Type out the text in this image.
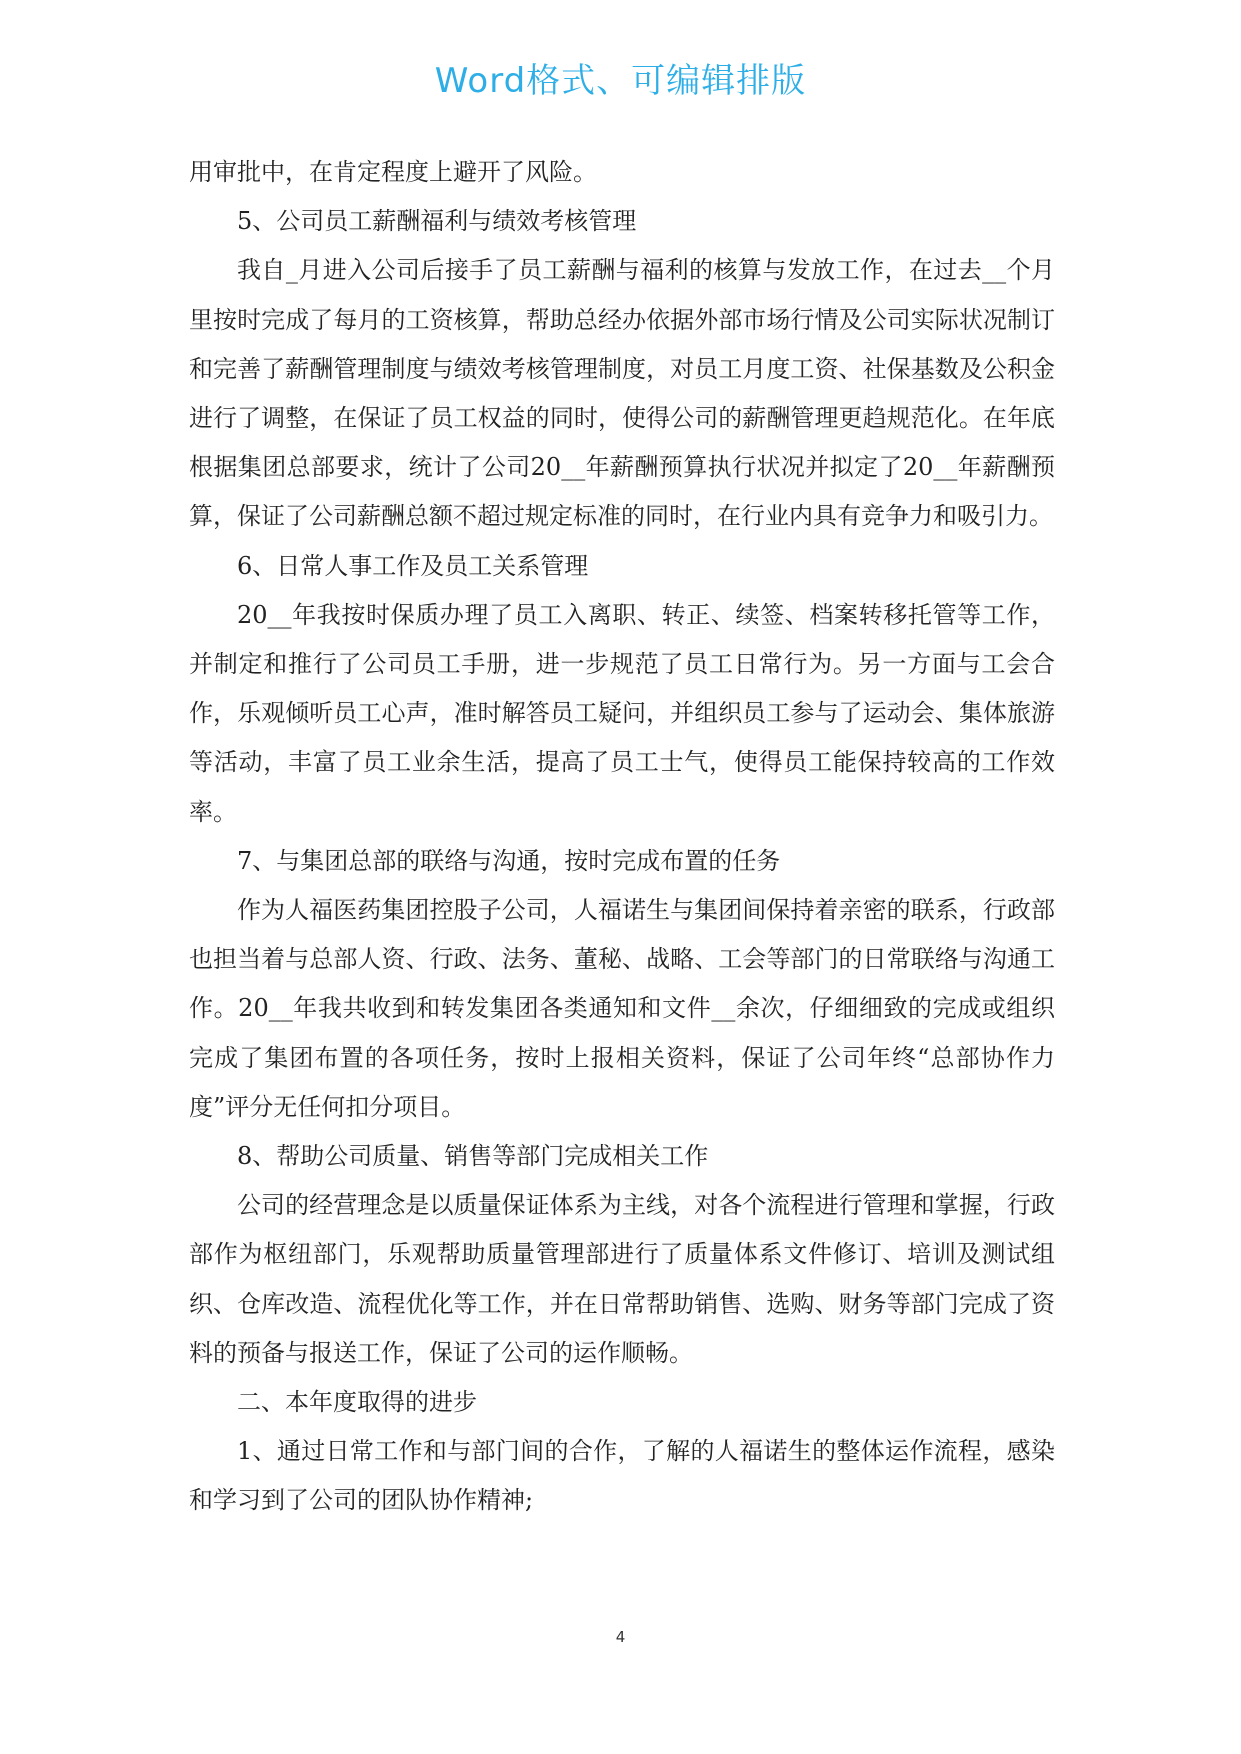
Word格式、可编辑排版

用审批中，在肯定程度上避开了风险。

5、公司员工薪酬福利与绩效考核管理

我自_月进入公司后接手了员工薪酬与福利的核算与发放工作，在过去__个月里按时完成了每月的工资核算，帮助总经办依据外部市场行情及公司实际状况制订和完善了薪酬管理制度与绩效考核管理制度，对员工月度工资、社保基数及公积金进行了调整，在保证了员工权益的同时，使得公司的薪酬管理更趋规范化。在年底根据集团总部要求，统计了公司20__年薪酬预算执行状况并拟定了20__年薪酬预算，保证了公司薪酬总额不超过规定标准的同时，在行业内具有竞争力和吸引力。

6、日常人事工作及员工关系管理

20__年我按时保质办理了员工入离职、转正、续签、档案转移托管等工作，并制定和推行了公司员工手册，进一步规范了员工日常行为。另一方面与工会合作，乐观倾听员工心声，准时解答员工疑问，并组织员工参与了运动会、集体旅游等活动，丰富了员工业余生活，提高了员工士气，使得员工能保持较高的工作效率。

7、与集团总部的联络与沟通，按时完成布置的任务

作为人福医药集团控股子公司，人福诺生与集团间保持着亲密的联系，行政部也担当着与总部人资、行政、法务、董秘、战略、工会等部门的日常联络与沟通工作。20__年我共收到和转发集团各类通知和文件__余次，仔细细致的完成或组织完成了集团布置的各项任务，按时上报相关资料，保证了公司年终“总部协作力度”评分无任何扣分项目。

8、帮助公司质量、销售等部门完成相关工作

公司的经营理念是以质量保证体系为主线，对各个流程进行管理和掌握，行政部作为枢纽部门，乐观帮助质量管理部进行了质量体系文件修订、培训及测试组织、仓库改造、流程优化等工作，并在日常帮助销售、选购、财务等部门完成了资料的预备与报送工作，保证了公司的运作顺畅。

二、本年度取得的进步

1、通过日常工作和与部门间的合作，了解的人福诺生的整体运作流程，感染和学习到了公司的团队协作精神;

4
